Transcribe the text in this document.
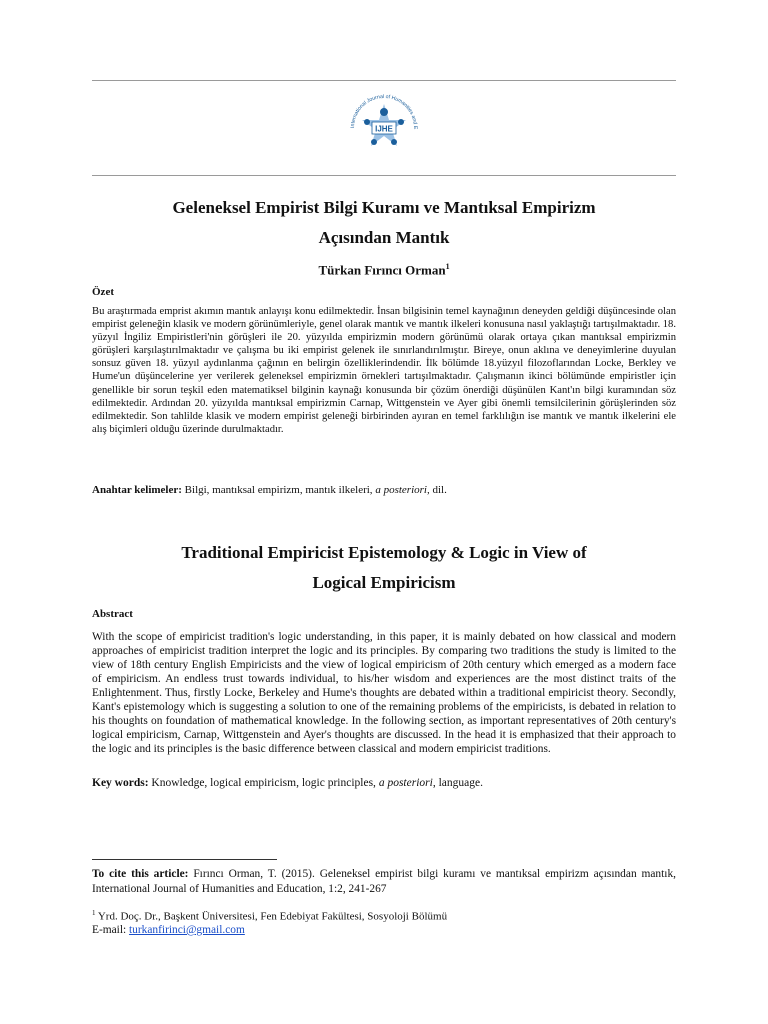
IJHE
International Journal of Humanities and E
Geleneksel Empirist Bilgi Kuramı ve Mantıksal Empirizm
Açısından Mantık
Türkan Fırıncı Orman$^1$
Özet
Bu araştırmada emprist akımın mantık anlayışı konu edilmektedir. İnsan bilgisinin temel kaynağının deneyden geldiği düşüncesinde olan empirist geleneğin klasik ve modern görünümleriyle, genel olarak mantık ve mantık ilkeleri konusuna nasıl yaklaştığı tartışılmaktadır. 18. yüzyıl İngiliz Empiristleri'nin görüşleri ile 20. yüzyılda empirizmin modern görünümü olarak ortaya çıkan mantıksal empirizmin görüşleri karşılaştırılmaktadır ve çalışma bu iki empirist gelenek ile sınırlandırılmıştır. Bireye, onun aklına ve deneyimlerine duyulan sonsuz güven 18. yüzyıl aydınlanma çağının en belirgin özelliklerindendir. İlk bölümde 18.yüzyıl filozoflarından Locke, Berkley ve Hume'un düşüncelerine yer verilerek geleneksel empirizmin örnekleri tartışılmaktadır. Çalışmanın ikinci bölümünde empiristler için genellikle bir sorun teşkil eden matematiksel bilginin kaynağı konusunda bir çözüm önerdiği düşünülen Kant'ın bilgi kuramından söz edilmektedir. Ardından 20. yüzyılda mantıksal empirizmin Carnap, Wittgenstein ve Ayer gibi önemli temsilcilerinin görüşlerinden söz edilmektedir. Son tahlilde klasik ve modern empirist geleneği birbirinden ayıran en temel farklılığın ise mantık ve mantık ilkelerini ele alış biçimleri olduğu üzerinde durulmaktadır.
Anahtar kelimeler: Bilgi, mantıksal empirizm, mantık ilkeleri, a posteriori, dil.
Traditional Empiricist Epistemology & Logic in View of
Logical Empiricism
Abstract
With the scope of empiricist tradition's logic understanding, in this paper, it is mainly debated on how classical and modern approaches of empiricist tradition interpret the logic and its principles. By comparing two traditions the study is limited to the view of 18th century English Empiricists and the view of logical empiricism of 20th century which emerged as a modern face of empiricism. An endless trust towards individual, to his/her wisdom and experiences are the most distinct traits of the Enlightenment. Thus, firstly Locke, Berkeley and Hume's thoughts are debated within a traditional empiricist theory. Secondly, Kant's epistemology which is suggesting a solution to one of the remaining problems of the empiricists, is debated in relation to his thoughts on foundation of mathematical knowledge. In the following section, as important representatives of 20th century's logical empiricism, Carnap, Wittgenstein and Ayer's thoughts are discussed. In the head it is emphasized that their approach to the logic and its principles is the basic difference between classical and modern empiricist traditions.
Key words: Knowledge, logical empiricism, logic principles, a posteriori, language.
To cite this article: Fırıncı Orman, T. (2015). Geleneksel empirist bilgi kuramı ve mantıksal empirizm açısından mantık, International Journal of Humanities and Education, 1:2, 241-267
$^1$ Yrd. Doç. Dr., Başkent Üniversitesi, Fen Edebiyat Fakültesi, Sosyoloji Bölümü
E-mail: turkanfirinci@gmail.com
